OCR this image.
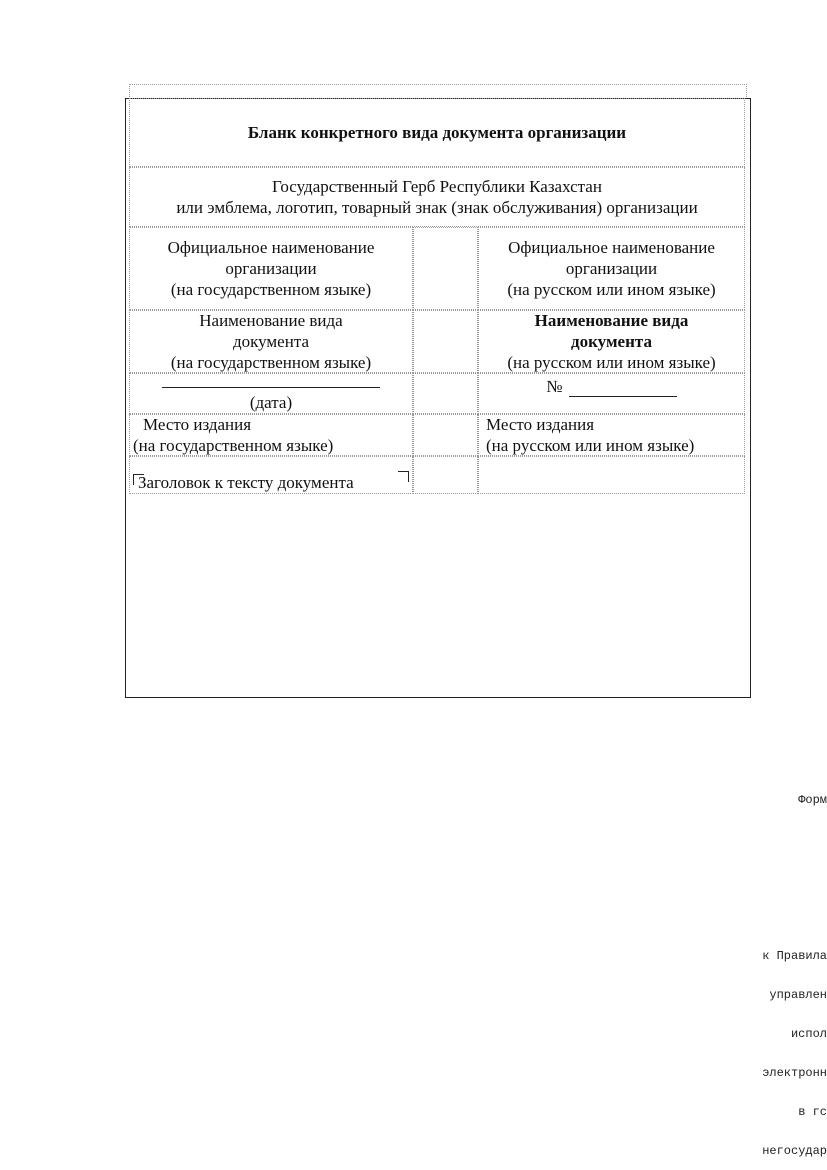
Бланк конкретного вида документа организации
Государственный Герб Республики Казахстан
или эмблема, логотип, товарный знак (знак обслуживания) организации
Официальное наименование
организации
(на государственном языке)
Официальное наименование
организации
(на русском или ином языке)
Наименование вида
документа
(на государственном языке)
Наименование вида
документа
(на русском или ином языке)
(дата)
№
Место издания
(на государственном языке)
Место издания
(на русском или ином языке)
Заголовок к тексту документа

Форм

к Правила

управлен

испол

электронн

в гс

негосудар
